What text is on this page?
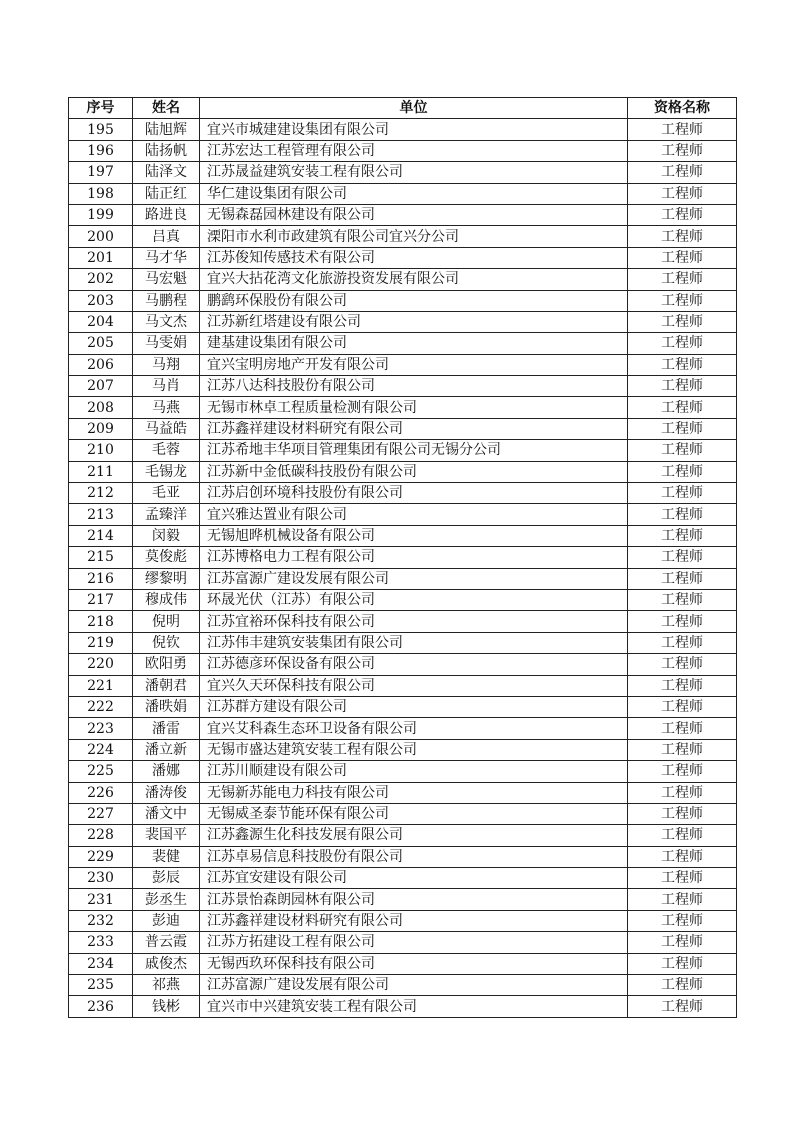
序号	姓名	单位	资格名称
195	陆旭辉	宜兴市城建建设集团有限公司	工程师
196	陆扬帆	江苏宏达工程管理有限公司	工程师
197	陆泽文	江苏晟益建筑安装工程有限公司	工程师
198	陆正红	华仁建设集团有限公司	工程师
199	路进良	无锡森磊园林建设有限公司	工程师
200	吕真	溧阳市水利市政建筑有限公司宜兴分公司	工程师
201	马才华	江苏俊知传感技术有限公司	工程师
202	马宏魁	宜兴大拈花湾文化旅游投资发展有限公司	工程师
203	马鹏程	鹏鹞环保股份有限公司	工程师
204	马文杰	江苏新红塔建设有限公司	工程师
205	马雯娟	建基建设集团有限公司	工程师
206	马翔	宜兴宝明房地产开发有限公司	工程师
207	马肖	江苏八达科技股份有限公司	工程师
208	马燕	无锡市林卓工程质量检测有限公司	工程师
209	马益皓	江苏鑫祥建设材料研究有限公司	工程师
210	毛蓉	江苏希地丰华项目管理集团有限公司无锡分公司	工程师
211	毛锡龙	江苏新中金低碳科技股份有限公司	工程师
212	毛亚	江苏启创环境科技股份有限公司	工程师
213	孟臻洋	宜兴雅达置业有限公司	工程师
214	闵毅	无锡旭晔机械设备有限公司	工程师
215	莫俊彪	江苏博格电力工程有限公司	工程师
216	缪黎明	江苏富源广建设发展有限公司	工程师
217	穆成伟	环晟光伏（江苏）有限公司	工程师
218	倪明	江苏宜裕环保科技有限公司	工程师
219	倪钦	江苏伟丰建筑安装集团有限公司	工程师
220	欧阳勇	江苏德彦环保设备有限公司	工程师
221	潘朝君	宜兴久天环保科技有限公司	工程师
222	潘昳娟	江苏群方建设有限公司	工程师
223	潘雷	宜兴艾科森生态环卫设备有限公司	工程师
224	潘立新	无锡市盛达建筑安装工程有限公司	工程师
225	潘娜	江苏川顺建设有限公司	工程师
226	潘涛俊	无锡新苏能电力科技有限公司	工程师
227	潘文中	无锡威圣泰节能环保有限公司	工程师
228	裴国平	江苏鑫源生化科技发展有限公司	工程师
229	裴健	江苏卓易信息科技股份有限公司	工程师
230	彭辰	江苏宜安建设有限公司	工程师
231	彭丞生	江苏景怡森朗园林有限公司	工程师
232	彭迪	江苏鑫祥建设材料研究有限公司	工程师
233	普云霞	江苏方拓建设工程有限公司	工程师
234	戚俊杰	无锡西玖环保科技有限公司	工程师
235	祁燕	江苏富源广建设发展有限公司	工程师
236	钱彬	宜兴市中兴建筑安装工程有限公司	工程师
